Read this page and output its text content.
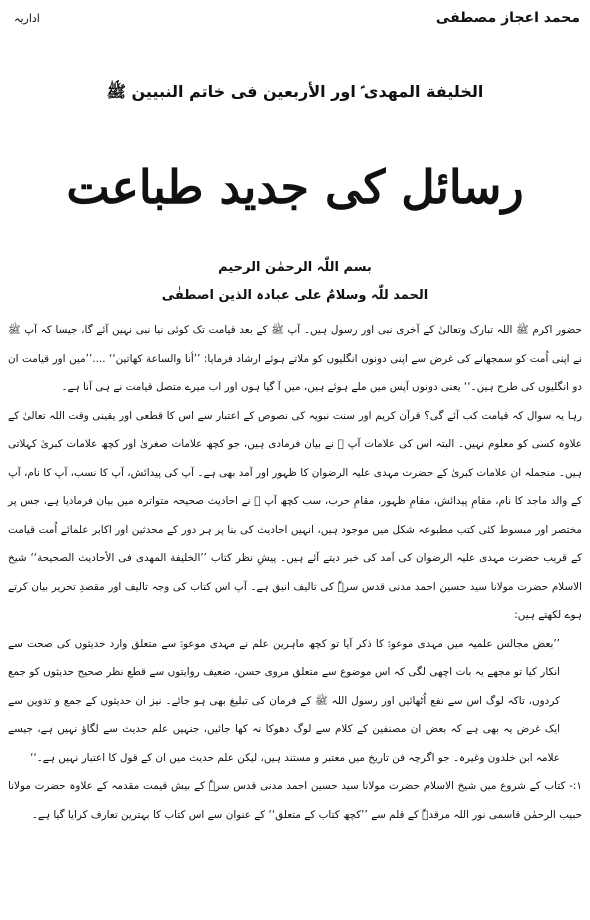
اداریہ	محمد اعجاز مصطفی
الخلیفة المھدی ؑ اور الأربعین فی خاتم النبیین ﷺ
رسائل کی جدید طباعت
بسم اللّٰہ الرحمٰن الرحیم
الحمد للّٰہ وسلامٌ علی عبادہ الذین اصطفٰی

حضور اکرم ﷺ اللہ تبارک وتعالیٰ کے آخری نبی اور رسول ہیں۔ آپ ﷺ کے بعد قیامت تک کوئی نیا نبی نہیں آئے گا، جیسا کہ آپ ﷺ نے اپنی اُمت کو سمجھانے کی غرض سے اپنی دونوں انگلیوں کو ملاتے ہوئے ارشاد فرمایا: ’’أنا والساعة کھاتین‘‘ ....’’میں اور قیامت ان دو انگلیوں کی طرح ہیں۔‘‘ یعنی دونوں آپس میں ملے ہوئے ہیں، میں آ گیا ہوں اور اب میرے متصل قیامت نے ہی آنا ہے۔

رہا یہ سوال کہ قیامت کب آئے گی؟ قرآن کریم اور سنت نبویہ کی نصوص کے اعتبار سے اس کا قطعی اور یقینی وقت اللہ تعالیٰ کے علاوہ کسی کو معلوم نہیں۔ البتہ اس کی علامات آپ ﷺ نے بیان فرمادی ہیں، جو کچھ علامات صغریٰ اور کچھ علامات کبریٰ کہلاتی ہیں۔ منجملہ ان علامات کبریٰ کے حضرت مہدی علیہ الرضوان کا ظہور اور آمد بھی ہے۔ آپ کی پیدائش، آپ کا نسب، آپ کا نام، آپ کے والد ماجد کا نام، مقامِ پیدائش، مقامِ ظہور، مقامِ حرب، سب کچھ آپ ﷺ نے احادیث صحیحہ متواترہ میں بیان فرمادیا ہے، جس پر مختصر اور مبسوط کئی کتب مطبوعہ شکل میں موجود ہیں، انہیں احادیث کی بنا پر ہر دور کے محدثین اور اکابر علمائے اُمت قیامت کے قریب حضرت مہدی علیہ الرضوان کی آمد کی خبر دیتے آئے ہیں۔ پیشِ نظر کتاب ’’الخلیفة المھدی فی الأحادیث الصحیحة‘‘ شیخ الاسلام حضرت مولانا سید حسین احمد مدنی قدس سرہٗ کی تالیف انیق ہے۔ آپ اس کتاب کی وجہ تالیف اور مقصدِ تحریر بیان کرتے ہوے لکھتے ہیں:

’’بعض مجالس علمیہ میں مہدی موعودؑ کا ذکر آیا تو کچھ ماہرین علم نے مہدی موعودؑ سے متعلق وارد حدیثوں کی صحت سے انکار کیا تو مجھے یہ بات اچھی لگی کہ اس موضوع سے متعلق مروی حسن، ضعیف روایتوں سے قطع نظر صحیح حدیثوں کو جمع کردوں، تاکہ لوگ اس سے نفع اُٹھائیں اور رسول اللہ ﷺ کے فرمان کی تبلیغ بھی ہو جائے۔ نیز ان حدیثوں کے جمع و تدوین سے ایک غرض یہ بھی ہے کہ بعض ان مصنفین کے کلام سے لوگ دھوکا نہ کھا جائیں، جنہیں علم حدیث سے لگاؤ نہیں ہے، جیسے علامہ ابن خلدون وغیرہ۔ جو اگرچہ فن تاریخ میں معتبر و مستند ہیں، لیکن علم حدیث میں ان کے قول کا اعتبار نہیں ہے۔‘‘

۱:- کتاب کے شروع میں شیخ الاسلام حضرت مولانا سید حسین احمد مدنی قدس سرہٗ کے بیش قیمت مقدمہ کے علاوہ حضرت مولانا حبیب الرحمٰن قاسمی نور اللہ مرقدہٗ کے قلم سے ’’کچھ کتاب کے متعلق‘‘ کے عنوان سے اس کتاب کا بہترین تعارف کرایا گیا ہے۔
